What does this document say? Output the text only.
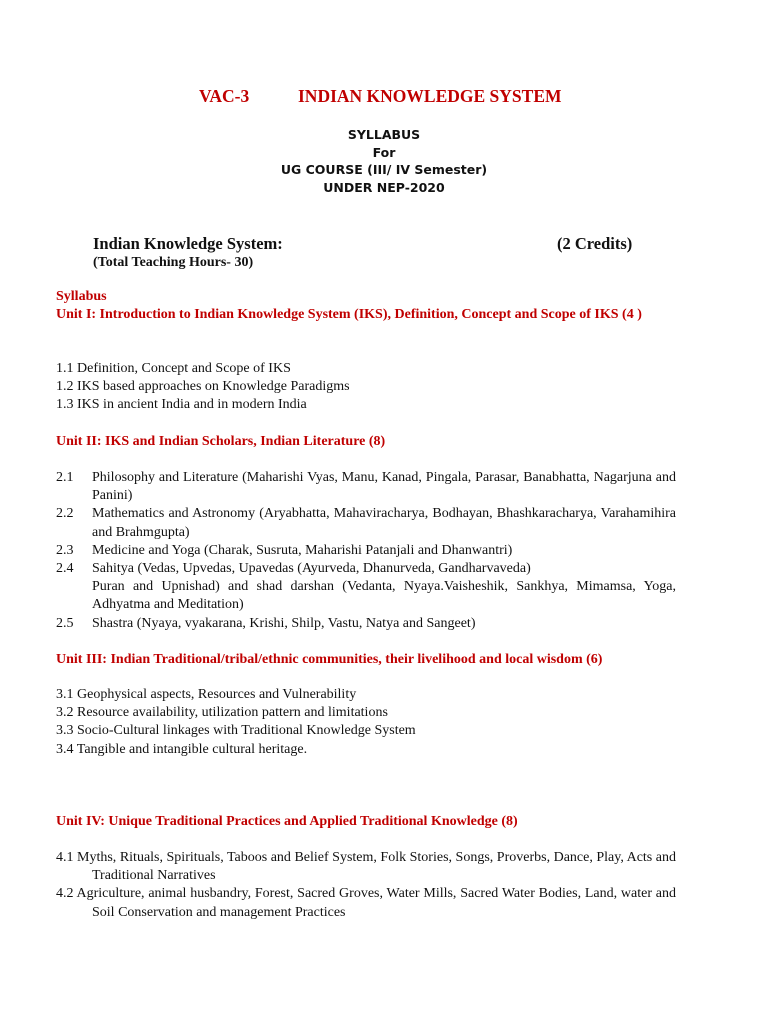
VAC-3	INDIAN KNOWLEDGE SYSTEM
SYLLABUS
For
UG COURSE (III/ IV Semester)
UNDER NEP-2020
Indian Knowledge System:	(2 Credits)
(Total Teaching Hours- 30)
Syllabus
Unit I: Introduction to Indian Knowledge System (IKS), Definition, Concept and Scope of IKS (4 )
1.1 Definition, Concept and Scope of IKS
1.2 IKS based approaches on Knowledge Paradigms
1.3 IKS in ancient India and in modern India
Unit II: IKS and Indian Scholars, Indian Literature (8)
2.1 Philosophy and Literature (Maharishi Vyas, Manu, Kanad, Pingala, Parasar, Banabhatta, Nagarjuna and Panini)
2.2 Mathematics and Astronomy (Aryabhatta, Mahaviracharya, Bodhayan, Bhashkaracharya, Varahamihira and Brahmgupta)
2.3 Medicine and Yoga (Charak, Susruta, Maharishi Patanjali and Dhanwantri)
2.4 Sahitya (Vedas, Upvedas, Upavedas (Ayurveda, Dhanurveda, Gandharvaveda)
Puran and Upnishad) and shad darshan (Vedanta, Nyaya.Vaisheshik, Sankhya, Mimamsa, Yoga, Adhyatma and Meditation)
2.5 Shastra (Nyaya, vyakarana, Krishi, Shilp, Vastu, Natya and Sangeet)
Unit III: Indian Traditional/tribal/ethnic communities, their livelihood and local wisdom (6)
3.1 Geophysical aspects, Resources and Vulnerability
3.2 Resource availability, utilization pattern and limitations
3.3 Socio-Cultural linkages with Traditional Knowledge System
3.4 Tangible and intangible cultural heritage.
Unit IV: Unique Traditional Practices and Applied Traditional Knowledge (8)
4.1 Myths, Rituals, Spirituals, Taboos and Belief System, Folk Stories, Songs, Proverbs, Dance, Play, Acts and Traditional Narratives
4.2 Agriculture, animal husbandry, Forest, Sacred Groves, Water Mills, Sacred Water Bodies, Land, water and Soil Conservation and management Practices
